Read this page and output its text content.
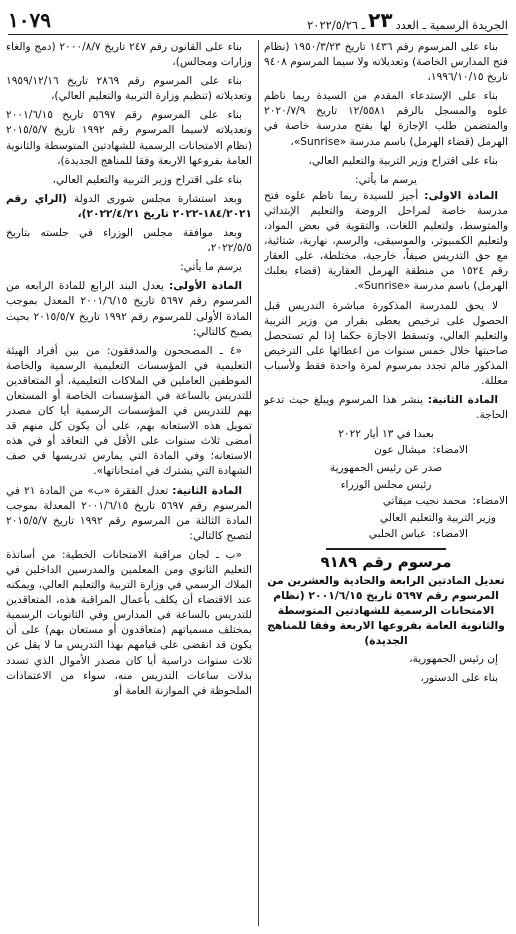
الجريدة الرسمية ـ العدد
٢٣
ـ ٢٠٢٢/٥/٢٦
١٠٧٩

بناء على المرسوم رقم ١٤٣٦ تاريخ ١٩٥٠/٣/٢٣ (نظام فتح المدارس الخاصة) وتعديلاته ولا سيما المرسوم ٩٤٠٨ تاريخ ١٩٩٦/١٠/١٥،

بناء على الإستدعاء المقدم من السيدة ريما ناظم علوه والمسجل بالرقم ١٢/٥٥٨١ تاريخ ٢٠٢٠/٧/٩ والمتضمن طلب الإجازة لها بفتح مدرسة خاصة في الهرمل (قضاء الهرمل) باسم مدرسة «Sunrise»،

بناء على اقتراح وزير التربية والتعليم العالي،

يرسم ما يأتي:

المادة الاولى: أجيز للسيدة ريما ناظم علوه فتح مدرسة خاصة لمراحل الروضة والتعليم الإبتدائي والمتوسط، ولتعليم اللغات، والتقوية في بعض المواد، ولتعليم الكمبيوتر، والموسيقى، والرسم، نهارية، شتائية، مع حق التدريس صيفاً، خارجية، مختلطة، على العقار رقم ١٥٢٤ من منطقة الهرمل العقارية (قضاء بعلبك الهرمل) باسم مدرسة «Sunrise».

لا يحق للمدرسة المذكورة مباشرة التدريس قبل الحصول على ترخيص يعطى بقرار من وزير التربية والتعليم العالي، وتسقط الاجازة حكما إذا لم تستحصل صاحبتها خلال خمس سنوات من اعطائها على الترخيص المذكور مالم تجدد بمرسوم لمرة واحدة فقط ولأسباب معللة.

المادة الثانية: ينشر هذا المرسوم ويبلغ حيث تدعو الحاجة.

بعبدا في ١٣ أيار ٢٠٢٢

الامضاء:
ميشال عون

صدر عن رئيس الجمهورية

رئيس مجلس الوزراء

الامضاء:
محمد نجيب ميقاتي

وزير التربية والتعليم العالي

الامضاء:
عباس الحلبي
مرسوم رقم ٩١٨٩

تعديل المادتين الرابعة والحادية والعشرين من المرسوم رقم ٥٦٩٧ تاريخ ٢٠٠١/٦/١٥ (نظام الامتحانات الرسمية للشهادتين المتوسطة والثانوية العامة بفروعها الاربعة وفقا للمناهج الجديدة)

إن رئيس الجمهورية،

بناء على الدستور،

بناء على القانون رقم ٢٤٧ تاريخ ٢٠٠٠/٨/٧ (دمج والغاء وزارات ومجالس)،

بناء على المرسوم رقم ٢٨٦٩ تاريخ ١٩٥٩/١٢/١٦ وتعديلاته (تنظيم وزارة التربية والتعليم العالي)،

بناء على المرسوم رقم ٥٦٩٧ تاريخ ٢٠٠١/٦/١٥ وتعديلاته لاسيما المرسوم رقم ١٩٩٢ تاريخ ٢٠١٥/٥/٧ (نظام الامتحانات الرسمية للشهادتين المتوسطة والثانوية العامة بفروعها الاربعة وفقا للمناهج الجديدة)،

بناء على اقتراح وزير التربية والتعليم العالي،

وبعد استشارة مجلس شورى الدولة (الراي رقم ١٨٤/٢٠٢١-٢٠٢٢ تاريخ ٢٠٢٢/٤/٢١)،

وبعد موافقة مجلس الوزراء في جلسته بتاريخ ٢٠٢٢/٥/٥،

يرسم ما يأتي:

المادة الأولى: يعدل البند الرابع للمادة الرابعه من المرسوم رقم ٥٦٩٧ تاريخ ٢٠٠١/٦/١٥ المعدل بموجب المادة الأولى للمرسوم رقم ١٩٩٢ تاريخ ٢٠١٥/٥/٧ بحيث يصبح كالتالي:

«٤ ـ المصححون والمدققون: من بين أفراد الهيئة التعليمية في المؤسسات التعليمية الرسمية والخاصة الموظفين العاملين في الملاكات التعليمية، أو المتعاقدين للتدريس بالساعة في المؤسسات الخاصة أو المستعان بهم للتدريس في المؤسسات الرسمية أيا كان مصدر تمويل هذه الاستعانه بهم، على أن يكون كل منهم قد أمضى ثلاث سنوات على الأقل في التعاقد أو في هذه الاستعانه؛ وفي المادة التي يمارس تدريسها في صف الشهادة التي يشترك في امتحاناتها».

المادة الثانية: تعدل الفقرة «ب» من المادة ٢١ في المرسوم رقم ٥٦٩٧ تاريخ ٢٠٠١/٦/١٥ المعدلة بموجب المادة الثالثة من المرسوم رقم ١٩٩٢ تاريخ ٢٠١٥/٥/٧ لتصبح كالتالي:

«ب ـ لجان مراقبة الامتحانات الخطية: من أساتذة التعليم الثانوي ومن المعلمين والمدرسين الداخلين في الملاك الرسمي في وزارة التربية والتعليم العالي، ويمكنه عند الاقتضاء أن يكلف بأعمال المراقبة هذه، المتعاقدين للتدريس بالساعة في المدارس وفي الثانويات الرسمية بمختلف مسمياتهم (متعاقدون أو مستعان بهم) على أن يكون قد انقضى على قيامهم بهذا التدريس ما لا يقل عن ثلاث سنوات دراسية أيا كان مصدر الأموال الذي تسدد بدلات ساعات التدريس منه، سواء من الاعتمادات الملحوظة في الموازنة العامة أو
